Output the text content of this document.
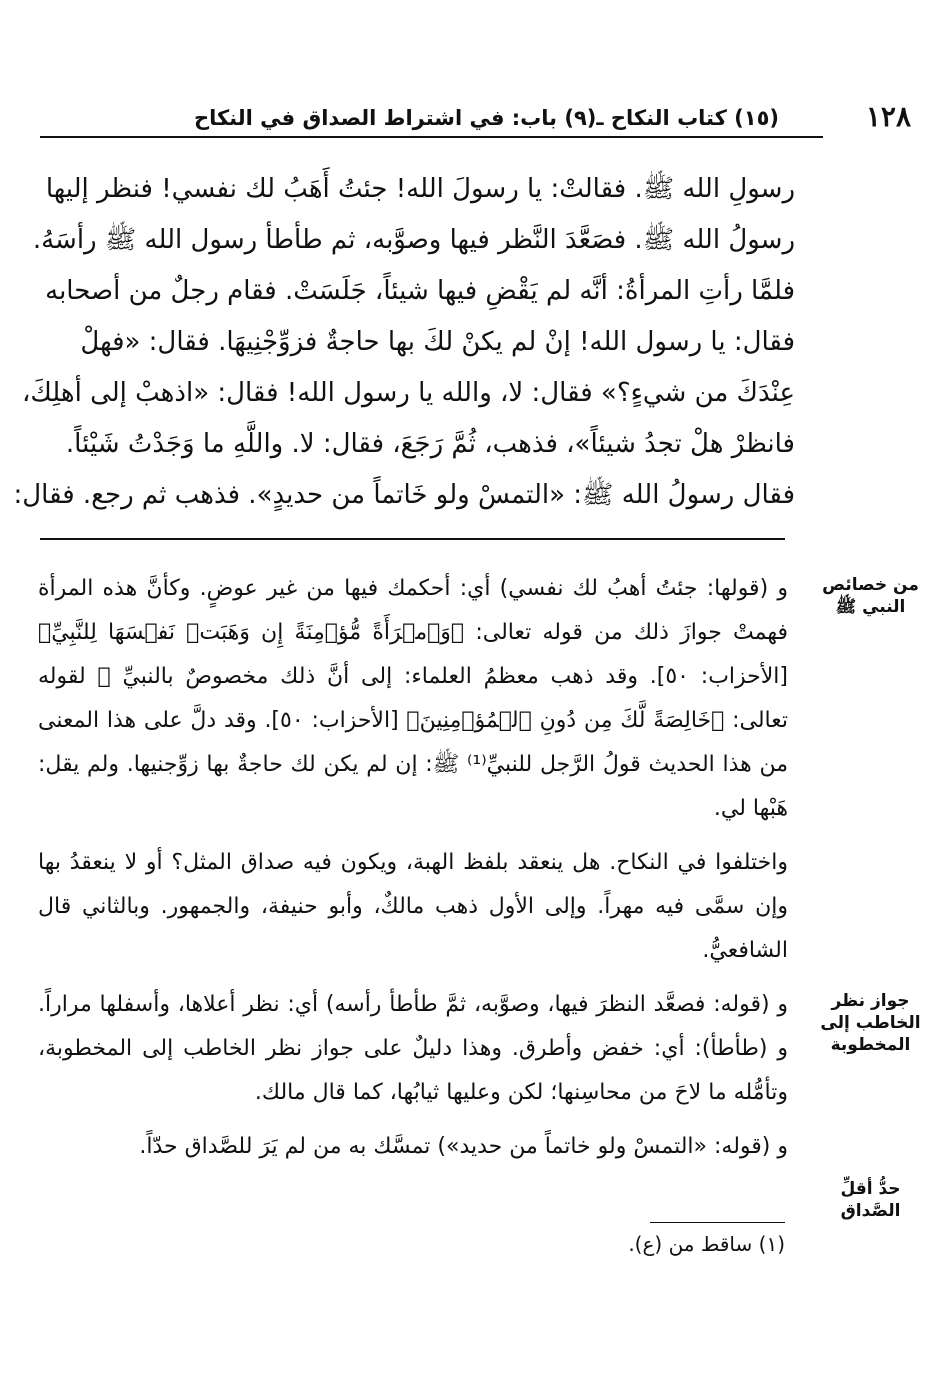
١٢٨
(١٥) كتاب النكاح ـ(٩) باب: في اشتراط الصداق في النكاح

رسولِ الله ﷺ. فقالتْ: يا رسولَ الله! جئتُ أَهَبُ لك نفسي! فنظر إليها

رسولُ الله ﷺ. فصَعَّدَ النَّظر فيها وصوَّبه، ثم طأطأ رسول الله ﷺ رأسَهُ.

فلمَّا رأتِ المرأةُ: أنَّه لم يَقْضِ فيها شيئاً، جَلَسَتْ. فقام رجلٌ من أصحابه

فقال: يا رسول الله! إنْ لم يكنْ لكَ بها حاجةٌ فزوِّجْنِيهَا. فقال: «فهلْ

عِنْدَكَ من شيءٍ؟» فقال: لا، والله يا رسول الله! فقال: «اذهبْ إلى أهلِكَ،

فانظرْ هلْ تجدُ شيئاً»، فذهب، ثُمَّ رَجَعَ، فقال: لا. واللَّهِ ما وَجَدْتُ شَيْئاً.

فقال رسولُ الله ﷺ: «التمسْ ولو خَاتماً من حديدٍ». فذهب ثم رجع. فقال:

من خصائص النبي ﷺ
جواز نظر الخاطب إلى المخطوبة
حدُّ أقلِّ الصَّداق

و (قولها: جئتُ أهبُ لك نفسي) أي: أحكمك فيها من غير عوضٍ. وكأنَّ هذه المرأة فهمتْ جوازَ ذلك من قوله تعالى: ﴿وَٱمۡرَأَةً مُّؤۡمِنَةً إِن وَهَبَتۡ نَفۡسَهَا لِلنَّبِيِّ﴾ [الأحزاب: ٥٠]. وقد ذهب معظمُ العلماء: إلى أنَّ ذلك مخصوصٌ بالنبيِّ ﷺ لقوله تعالى: ﴿خَالِصَةً لَّكَ مِن دُونِ ٱلۡمُؤۡمِنِينَ﴾ [الأحزاب: ٥٠]. وقد دلَّ على هذا المعنى من هذا الحديث قولُ الرَّجل للنبيِّ⁽¹⁾ ﷺ: إن لم يكن لك حاجةٌ بها زوِّجنيها. ولم يقل: هَبْها لي.

واختلفوا في النكاح. هل ينعقد بلفظ الهبة، ويكون فيه صداق المثل؟ أو لا ينعقدُ بها وإن سمَّى فيه مهراً. وإلى الأول ذهب مالكٌ، وأبو حنيفة، والجمهور. وبالثاني قال الشافعيُّ.

و (قوله: فصعَّد النظرَ فيها، وصوَّبه، ثمَّ طأطأ رأسه) أي: نظر أعلاها، وأسفلها مراراً. و (طأطأ): أي: خفض وأطرق. وهذا دليلٌ على جواز نظر الخاطب إلى المخطوبة، وتأمُّله ما لاحَ من محاسِنها؛ لكن وعليها ثيابُها، كما قال مالك.

و (قوله: «التمسْ ولو خاتماً من حديد») تمسَّك به من لم يَرَ للصَّداق حدّاً.

(١) ساقط من (ع).
